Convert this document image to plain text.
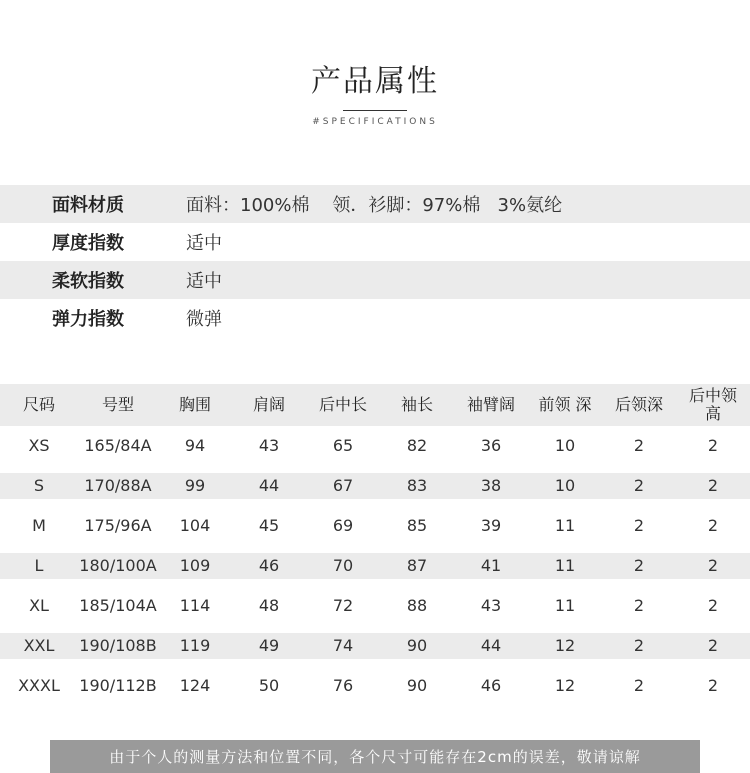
产品属性
#SPECIFICATIONS
面料材质	面料：100%棉    领．衫脚：97%棉   3%氨纶
厚度指数	适中
柔软指数	适中
弹力指数	微弹
尺码	号型	胸围	肩阔	后中长	袖长	袖臂阔	前领 深	后领深	后中领高
XS	165/84A	94	43	65	82	36	10	2	2
S	170/88A	99	44	67	83	38	10	2	2
M	175/96A	104	45	69	85	39	11	2	2
L	180/100A	109	46	70	87	41	11	2	2
XL	185/104A	114	48	72	88	43	11	2	2
XXL	190/108B	119	49	74	90	44	12	2	2
XXXL	190/112B	124	50	76	90	46	12	2	2
由于个人的测量方法和位置不同，各个尺寸可能存在2cm的误差，敬请谅解
